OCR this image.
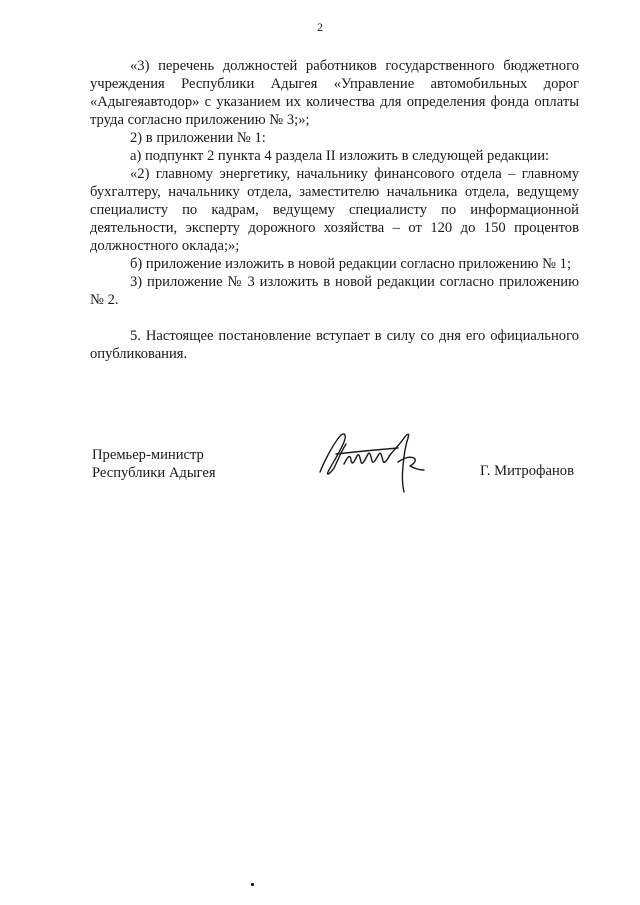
2

«3) перечень должностей работников государственного бюджетного учреждения Республики Адыгея «Управление автомобильных дорог «Адыгеяавтодор» с указанием их количества для определения фонда оплаты труда согласно приложению № 3;»;

2) в приложении № 1:

а) подпункт 2 пункта 4 раздела II изложить в следующей редакции:

«2) главному энергетику, начальнику финансового отдела – главному бухгалтеру, начальнику отдела, заместителю начальника отдела, ведущему специалисту по кадрам, ведущему специалисту по информационной деятельности, эксперту дорожного хозяйства – от 120 до 150 процентов должностного оклада;»;

б) приложение изложить в новой редакции согласно приложению № 1;

3) приложение № 3 изложить в новой редакции согласно приложению № 2.

5. Настоящее постановление вступает в силу со дня его официального опубликования.

Премьер-министр
Республики Адыгея	Г. Митрофанов
